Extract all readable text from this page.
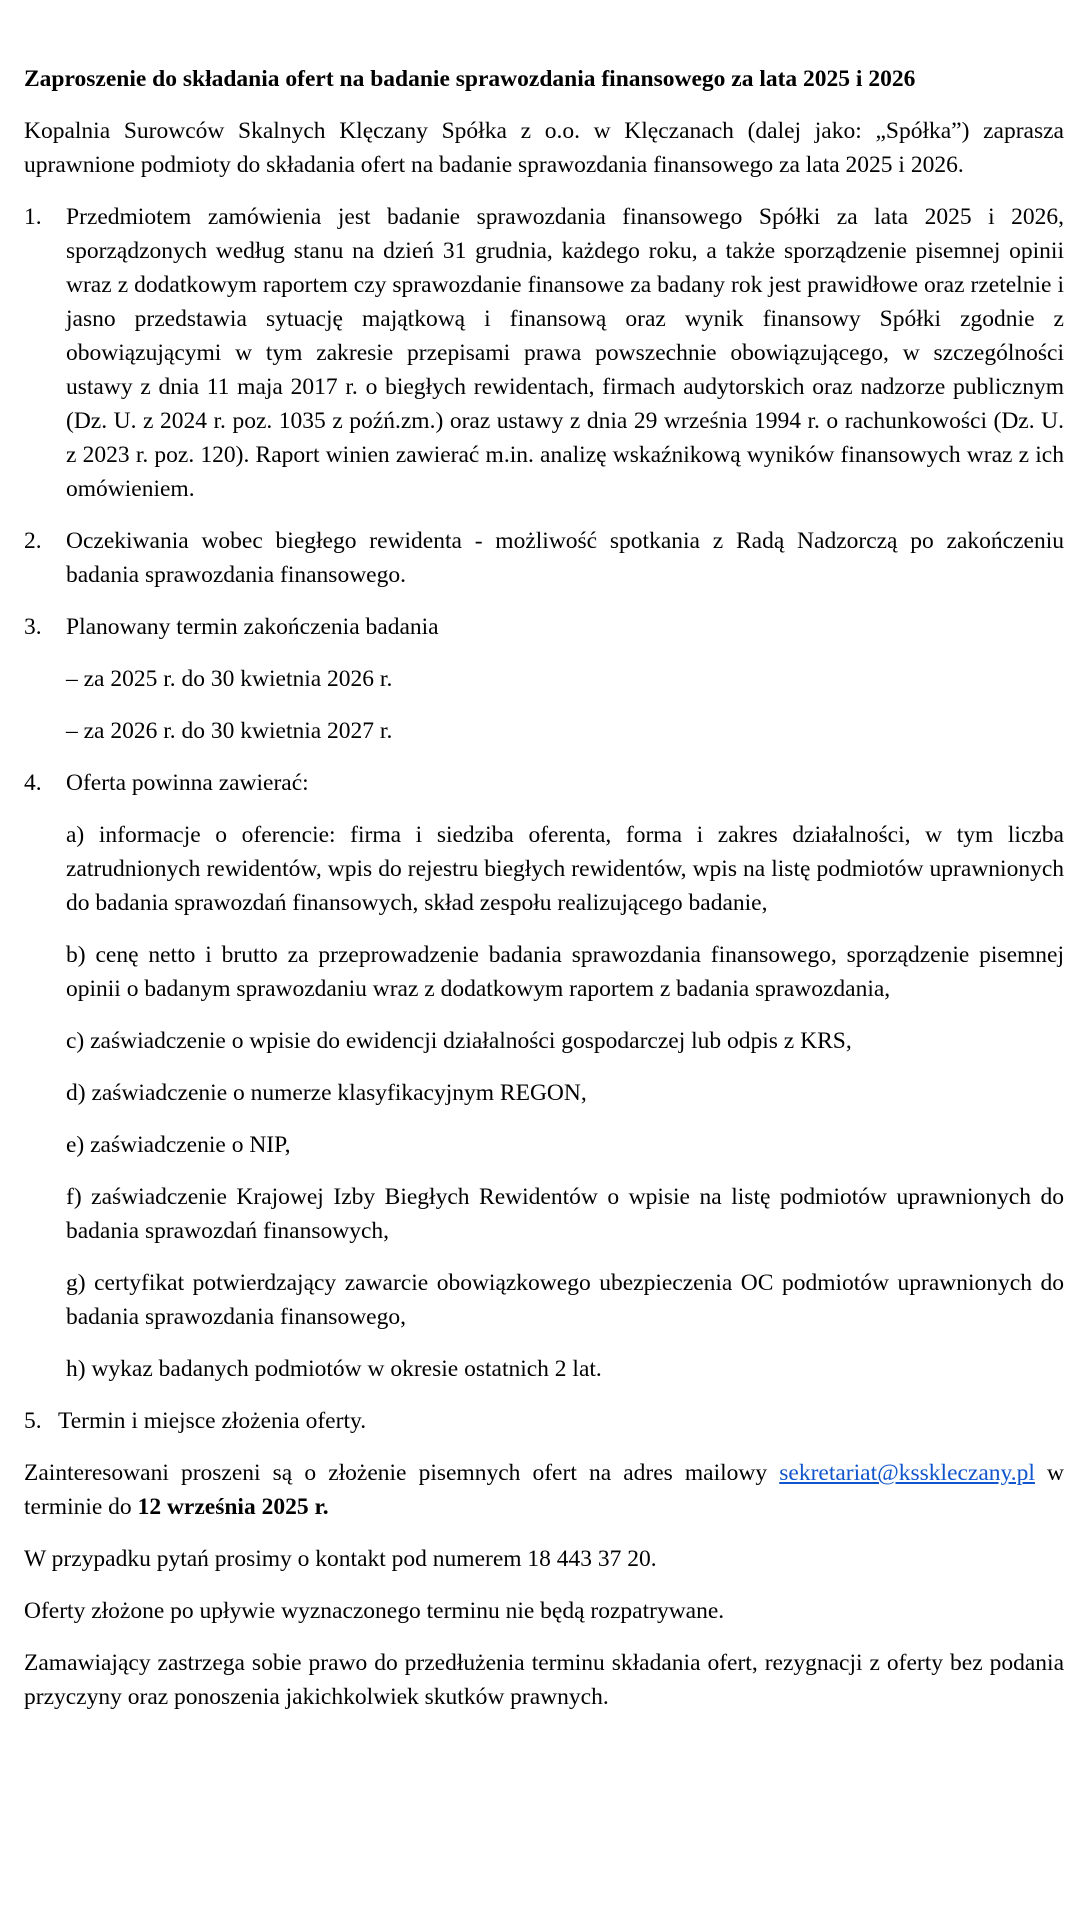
Zaproszenie do składania ofert na badanie sprawozdania finansowego za lata 2025 i 2026

Kopalnia Surowców Skalnych Klęczany Spółka z o.o. w Klęczanach (dalej jako: „Spółka”) zaprasza uprawnione podmioty do składania ofert na badanie sprawozdania finansowego za lata 2025 i 2026.

1.	Przedmiotem zamówienia jest badanie sprawozdania finansowego Spółki za lata 2025 i 2026, sporządzonych według stanu na dzień 31 grudnia, każdego roku, a także sporządzenie pisemnej opinii wraz z dodatkowym raportem czy sprawozdanie finansowe za badany rok jest prawidłowe oraz rzetelnie i jasno przedstawia sytuację majątkową i finansową oraz wynik finansowy Spółki zgodnie z obowiązującymi w tym zakresie przepisami prawa powszechnie obowiązującego, w szczególności ustawy z dnia 11 maja 2017 r. o biegłych rewidentach, firmach audytorskich oraz nadzorze publicznym (Dz. U. z 2024 r. poz. 1035 z poźń.zm.) oraz ustawy z dnia 29 września 1994 r. o rachunkowości (Dz. U. z 2023 r. poz. 120). Raport winien zawierać m.in. analizę wskaźnikową wyników finansowych wraz z ich omówieniem.

2.	Oczekiwania wobec biegłego rewidenta - możliwość spotkania z Radą Nadzorczą po zakończeniu badania sprawozdania finansowego.

3.	Planowany termin zakończenia badania

– za 2025 r. do 30 kwietnia 2026 r.

– za 2026 r. do 30 kwietnia 2027 r.

4.	Oferta powinna zawierać:

a) informacje o oferencie: firma i siedziba oferenta, forma i zakres działalności, w tym liczba zatrudnionych rewidentów, wpis do rejestru biegłych rewidentów, wpis na listę podmiotów uprawnionych do badania sprawozdań finansowych, skład zespołu realizującego badanie,

b) cenę netto i brutto za przeprowadzenie badania sprawozdania finansowego, sporządzenie pisemnej opinii o badanym sprawozdaniu wraz z dodatkowym raportem z badania sprawozdania,

c) zaświadczenie o wpisie do ewidencji działalności gospodarczej lub odpis z KRS,

d) zaświadczenie o numerze klasyfikacyjnym REGON,

e) zaświadczenie o NIP,

f) zaświadczenie Krajowej Izby Biegłych Rewidentów o wpisie na listę podmiotów uprawnionych do badania sprawozdań finansowych,

g) certyfikat potwierdzający zawarcie obowiązkowego ubezpieczenia OC podmiotów uprawnionych do badania sprawozdania finansowego,

h) wykaz badanych podmiotów w okresie ostatnich 2 lat.

5. Termin i miejsce złożenia oferty.

Zainteresowani proszeni są o złożenie pisemnych ofert na adres mailowy sekretariat@kss​kleczany.pl w terminie do 12 września 2025 r.

W przypadku pytań prosimy o kontakt pod numerem 18 443 37 20.

Oferty złożone po upływie wyznaczonego terminu nie będą rozpatrywane.

Zamawiający zastrzega sobie prawo do przedłużenia terminu składania ofert, rezygnacji z oferty bez podania przyczyny oraz ponoszenia jakichkolwiek skutków prawnych.
